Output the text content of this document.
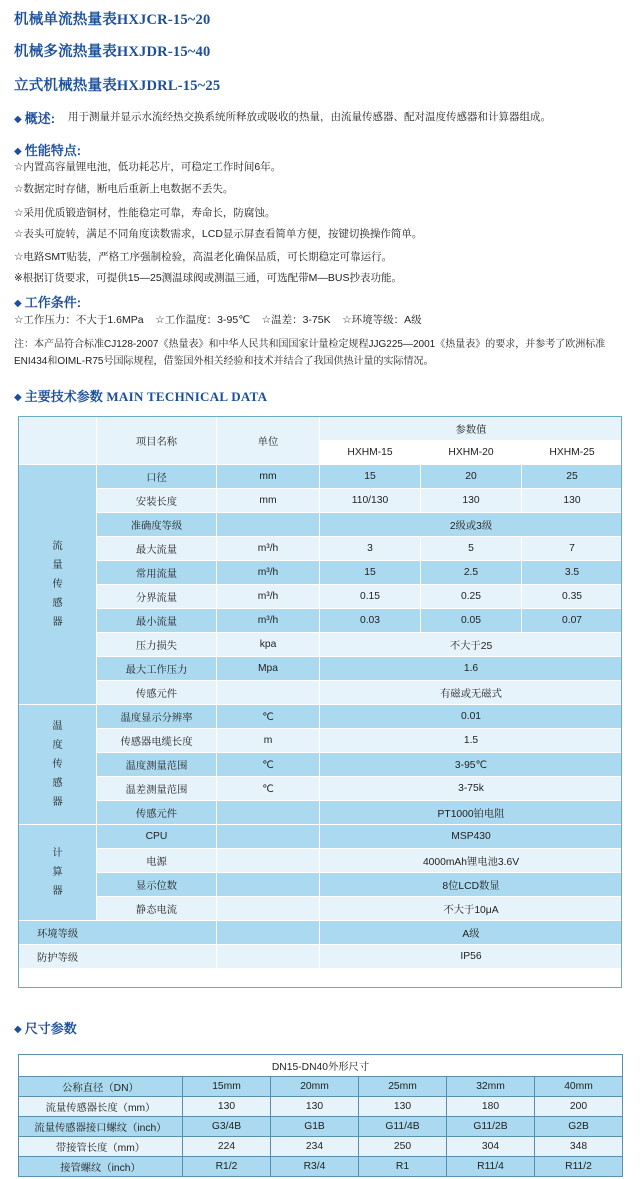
机械单流热量表HXJCR-15~20
机械多流热量表HXJDR-15~40
立式机械热量表HXJDRL-15~25
◆ 概述: 用于测量并显示水流经热交换系统所释放或吸收的热量，由流量传感器、配对温度传感器和计算器组成。
◆ 性能特点:
☆内置高容量锂电池，低功耗芯片，可稳定工作时间6年。
☆数据定时存储，断电后重新上电数据不丢失。
☆采用优质锻造铜材，性能稳定可靠，寿命长，防腐蚀。
☆表头可旋转，满足不同角度读数需求，LCD显示屏查看简单方便，按键切换操作简单。
☆电路SMT贴装，严格工序强制检验，高温老化确保品质，可长期稳定可靠运行。
※根据订货要求，可提供15—25测温球阀或测温三通，可选配带M—BUS抄表功能。
◆ 工作条件:
☆工作压力：不大于1.6MPa    ☆工作温度：3-95℃    ☆温差：3-75K    ☆环境等级：A级
注：本产品符合标准CJ128-2007《热量表》和中华人民共和国国家计量检定规程JJG225—2001《热量表》的要求，并参考了欧洲标准ENI434和OIML-R75号国际规程，借鉴国外相关经验和技术并结合了我国供热计量的实际情况。
◆ 主要技术参数 MAIN TECHNICAL DATA
	项目名称	单位	参数值		
			HXHM-15	HXHM-20	HXHM-25
流
量
传
感
器	口径	mm	15	20	25
	安装长度	mm	110/130	130	130
	准确度等级		2级或3级		
	最大流量	m³/h	3	5	7
	常用流量	m³/h	15	2.5	3.5
	分界流量	m³/h	0.15	0.25	0.35
	最小流量	m³/h	0.03	0.05	0.07
	压力损失	kpa	不大于25		
	最大工作压力	Mpa	1.6		
	传感元件		有磁或无磁式		
温
度
传
感
器	温度显示分辨率	℃	0.01		
	传感器电缆长度	m	1.5		
	温度测量范围	℃	3-95℃		
	温差测量范围	℃	3-75k		
	传感元件		PT1000铂电阻		
计
算
器	CPU		MSP430		
	电源		4000mAh锂电池3.6V		
	显示位数		8位LCD数显		
	静态电流		不大于10μA		
环境等级			A级		
防护等级			IP56		
◆ 尺寸参数
DN15-DN40外形尺寸					
公称直径（DN）	15mm	20mm	25mm	32mm	40mm
流量传感器长度（mm）	130	130	130	180	200
流量传感器接口螺纹（inch）	G3/4B	G1B	G11/4B	G11/2B	G2B
带接管长度（mm）	224	234	250	304	348
接管螺纹（inch）	R1/2	R3/4	R1	R11/4	R11/2
